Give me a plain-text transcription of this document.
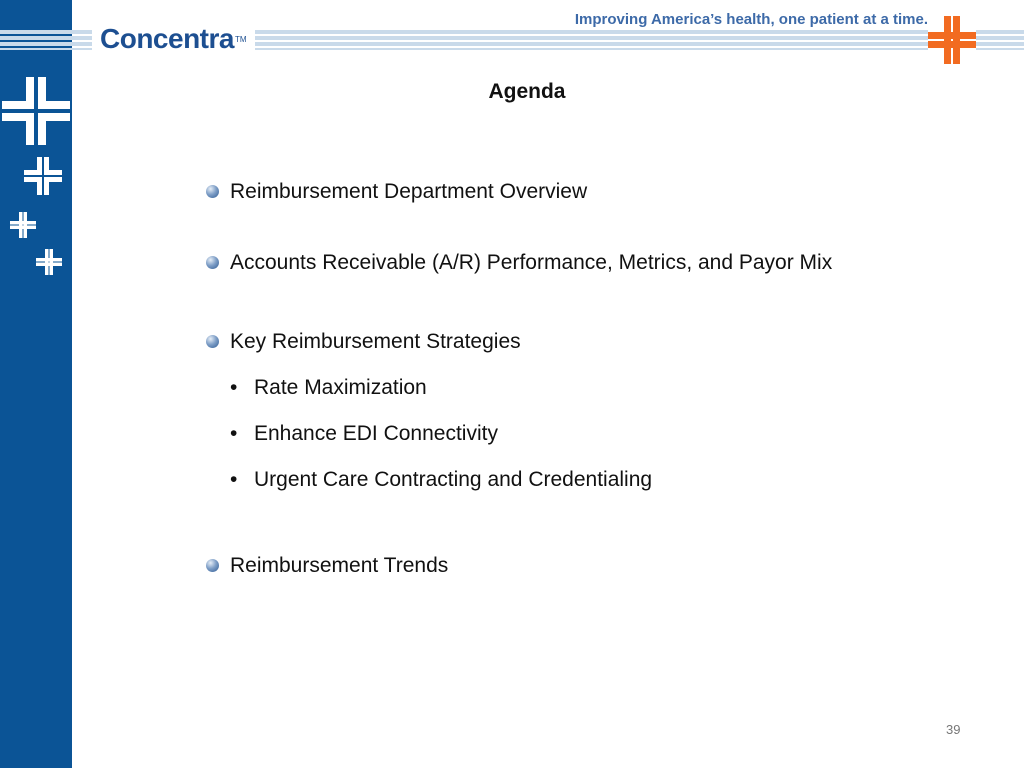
Concentra TM
Improving America’s health, one patient at a time.
Agenda
Reimbursement Department Overview
Accounts Receivable (A/R) Performance, Metrics, and Payor Mix
Key Reimbursement Strategies
• Rate Maximization
• Enhance EDI Connectivity
• Urgent Care Contracting and Credentialing
Reimbursement Trends
39
